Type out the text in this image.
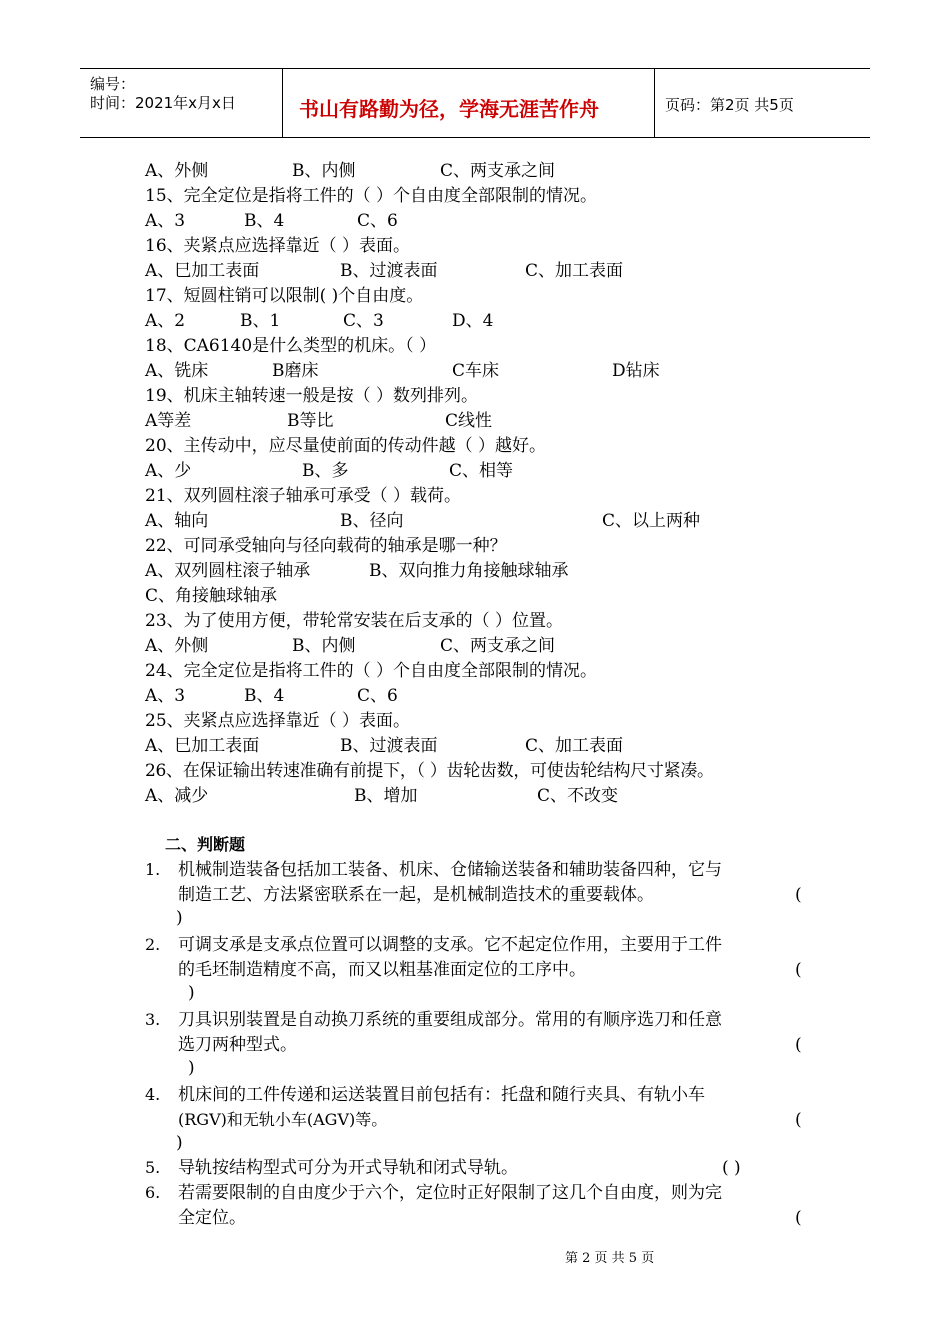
编号：
时间：2021年x月x日	书山有路勤为径，学海无涯苦作舟	页码：第2页 共5页
A、外侧	B、内侧	C、两支承之间
15、完全定位是指将工件的（ ）个自由度全部限制的情况。
A、3	B、4	C、6
16、夹紧点应选择靠近（ ）表面。
A、巳加工表面	B、过渡表面	C、加工表面
17、短圆柱销可以限制( )个自由度。
A、2	B、1	C、3	D、4
18、CA6140是什么类型的机床。（ ）
A、铣床	B磨床	C车床	D钻床
19、机床主轴转速一般是按（ ）数列排列。
A等差	B等比	C线性
20、主传动中，应尽量使前面的传动件越（ ）越好。
A、少	B、多	C、相等
21、双列圆柱滚子轴承可承受（ ）载荷。
A、轴向	B、径向	C、以上两种
22、可同承受轴向与径向载荷的轴承是哪一种？
A、双列圆柱滚子轴承	B、双向推力角接触球轴承
C、角接触球轴承
23、为了使用方便，带轮常安装在后支承的（ ）位置。
A、外侧	B、内侧	C、两支承之间
24、完全定位是指将工件的（ ）个自由度全部限制的情况。
A、3	B、4	C、6
25、夹紧点应选择靠近（ ）表面。
A、巳加工表面	B、过渡表面	C、加工表面
26、在保证输出转速准确有前提下，（ ）齿轮齿数，可使齿轮结构尺寸紧凑。
A、减少	B、增加	C、不改变
二、判断题
1. 机械制造装备包括加工装备、机床、仓储输送装备和辅助装备四种，它与
制造工艺、方法紧密联系在一起，是机械制造技术的重要载体。	(
)
2. 可调支承是支承点位置可以调整的支承。它不起定位作用，主要用于工件
的毛坯制造精度不高，而又以粗基准面定位的工序中。	(
)
3. 刀具识别装置是自动换刀系统的重要组成部分。常用的有顺序选刀和任意
选刀两种型式。	(
)
4. 机床间的工件传递和运送装置目前包括有：托盘和随行夹具、有轨小车
(RGV)和无轨小车(AGV)等。	(
)
5. 导轨按结构型式可分为开式导轨和闭式导轨。	( )
6. 若需要限制的自由度少于六个，定位时正好限制了这几个自由度，则为完
全定位。	(
第 2 页 共 5 页
